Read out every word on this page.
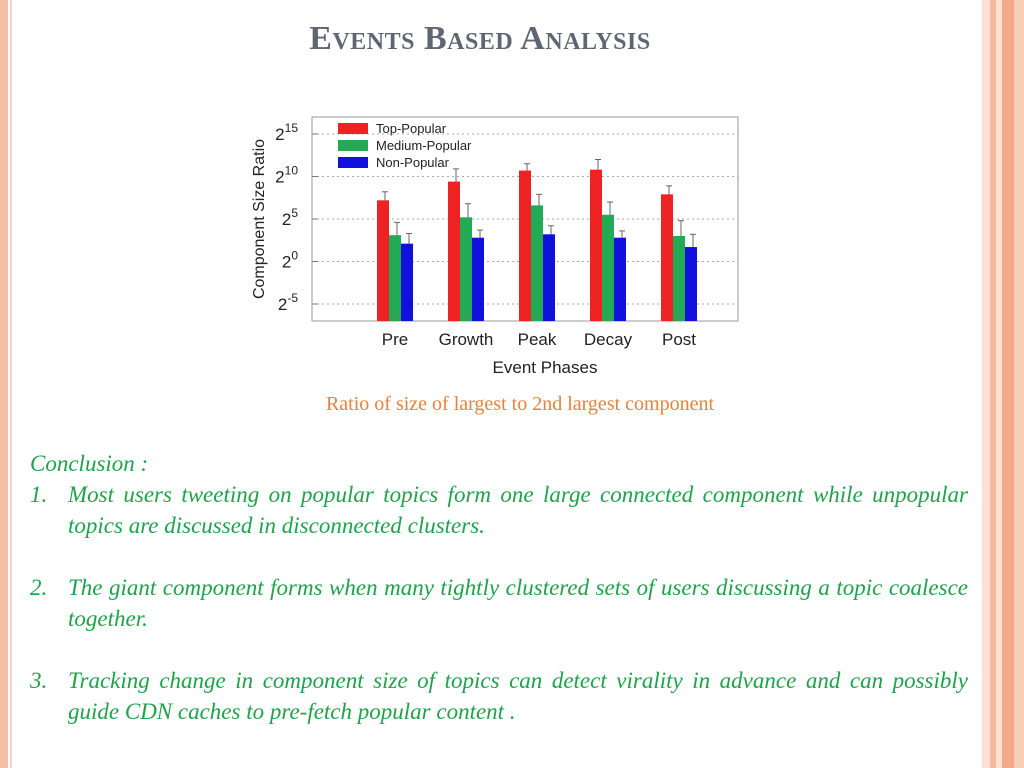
Events Based Analysis
$2^{15}$
$2^{10}$
$2^5$
$2^0$
$2^{-5}$
Component Size Ratio
Event Phases
Pre Growth Peak Decay Post
Top-Popular
Medium-Popular
Non-Popular
Ratio of size of largest to 2nd largest component

Conclusion :

1. Most users tweeting on popular topics form one large connected component while unpopular topics are discussed in disconnected clusters.
2. The giant component forms when many tightly clustered sets of users discussing a topic coalesce together.
3. Tracking change in component size of topics can detect virality in advance and can possibly guide CDN caches to pre-fetch popular content .
